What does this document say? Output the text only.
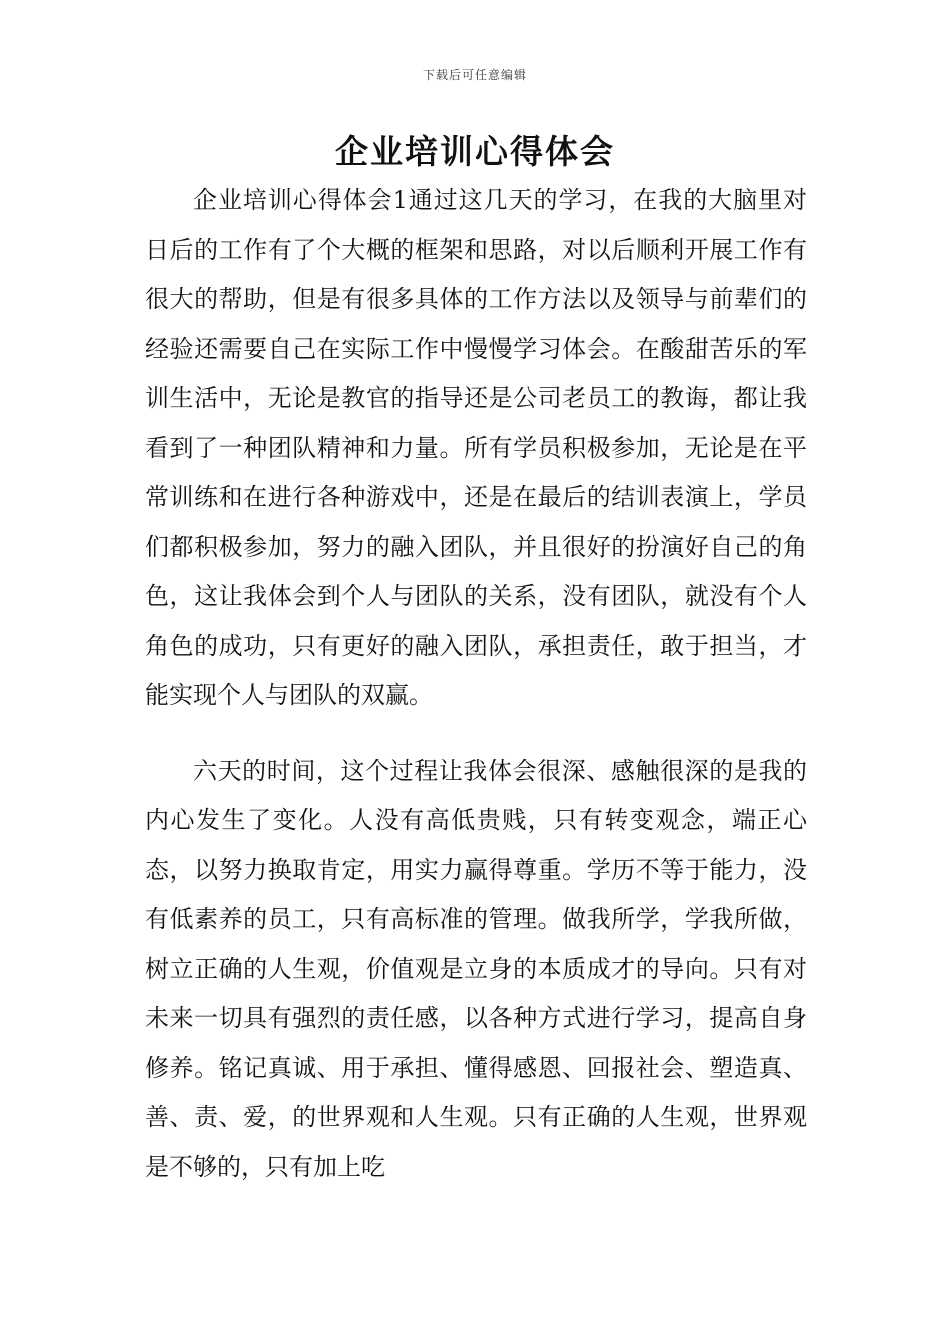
下载后可任意编辑
企业培训心得体会

企业培训心得体会1通过这几天的学习，在我的大脑里对日后的工作有了个大概的框架和思路，对以后顺利开展工作有很大的帮助，但是有很多具体的工作方法以及领导与前辈们的经验还需要自己在实际工作中慢慢学习体会。在酸甜苦乐的军训生活中，无论是教官的指导还是公司老员工的教诲，都让我看到了一种团队精神和力量。所有学员积极参加，无论是在平常训练和在进行各种游戏中，还是在最后的结训表演上，学员们都积极参加，努力的融入团队，并且很好的扮演好自己的角色，这让我体会到个人与团队的关系，没有团队，就没有个人角色的成功，只有更好的融入团队，承担责任，敢于担当，才能实现个人与团队的双赢。

六天的时间，这个过程让我体会很深、感触很深的是我的内心发生了变化。人没有高低贵贱，只有转变观念，端正心态，以努力换取肯定，用实力赢得尊重。学历不等于能力，没有低素养的员工，只有高标准的管理。做我所学，学我所做，树立正确的人生观，价值观是立身的本质成才的导向。只有对未来一切具有强烈的责任感，以各种方式进行学习，提高自身修养。铭记真诚、用于承担、懂得感恩、回报社会、塑造真、善、责、爱，的世界观和人生观。只有正确的人生观，世界观是不够的，只有加上吃
